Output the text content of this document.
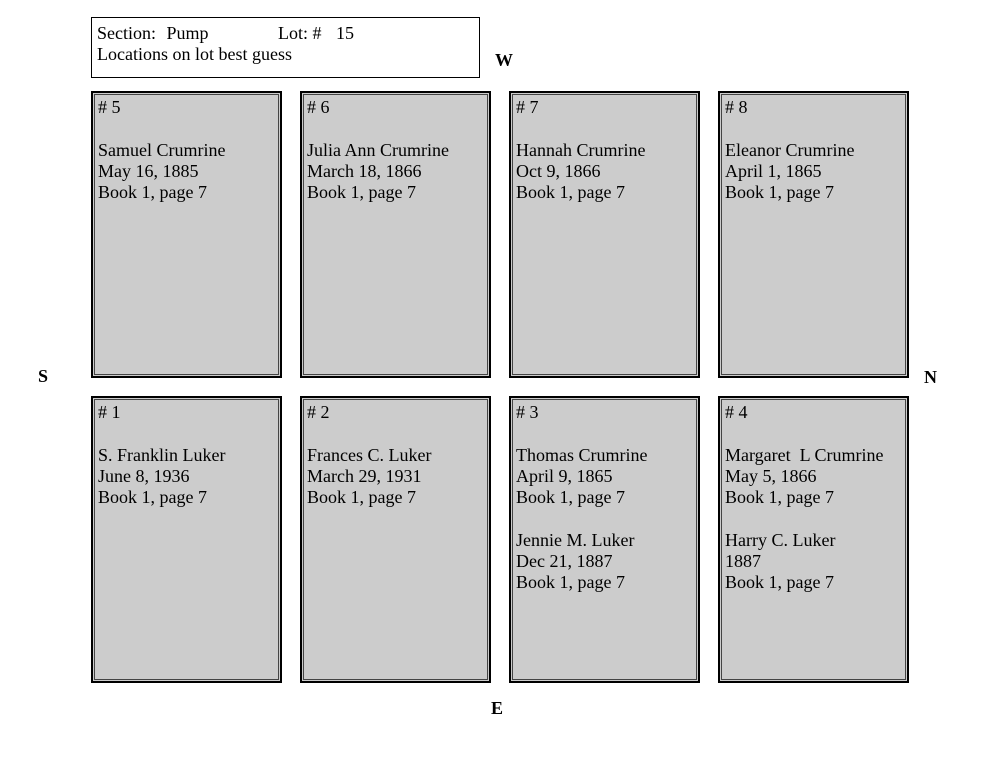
Section: Pump	Lot: # 15
Locations on lot best guess	W
S	N
E
# 5
Samuel Crumrine
May 16, 1885
Book 1, page 7
# 6
Julia Ann Crumrine
March 18, 1866
Book 1, page 7
# 7
Hannah Crumrine
Oct 9, 1866
Book 1, page 7
# 8
Eleanor Crumrine
April 1, 1865
Book 1, page 7
# 1
S. Franklin Luker
June 8, 1936
Book 1, page 7
# 2
Frances C. Luker
March 29, 1931
Book 1, page 7
# 3
Thomas Crumrine
April 9, 1865
Book 1, page 7
Jennie M. Luker
Dec 21, 1887
Book 1, page 7
# 4
Margaret  L Crumrine
May 5, 1866
Book 1, page 7
Harry C. Luker
1887
Book 1, page 7
